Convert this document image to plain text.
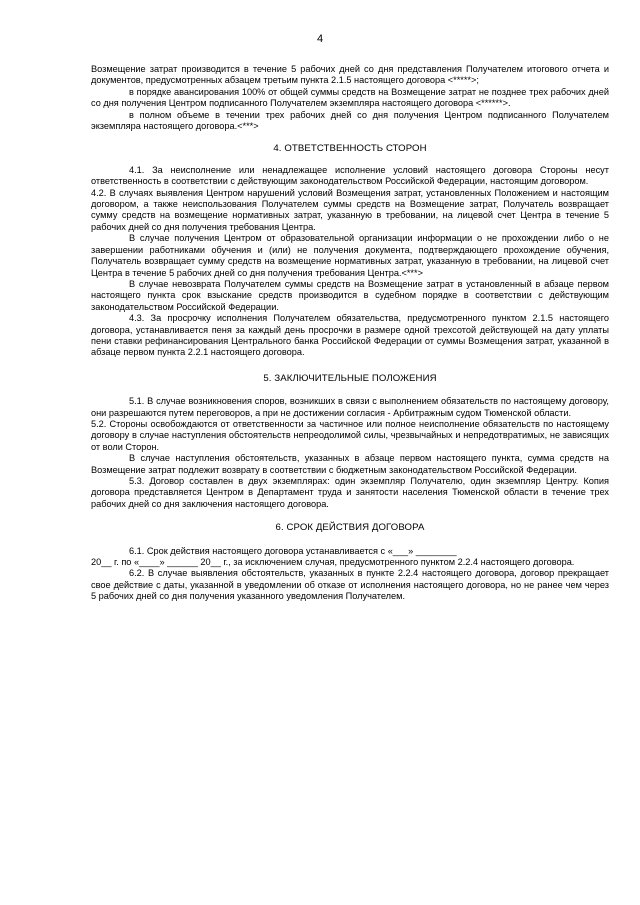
4

Возмещение затрат производится в течение 5 рабочих дней со дня представления Получателем итогового отчета и документов, предусмотренных абзацем третьим пункта 2.1.5 настоящего договора <*****>;

в порядке авансирования 100% от общей суммы средств на Возмещение затрат не позднее трех рабочих дней со дня получения Центром подписанного Получателем экземпляра настоящего договора <******>.

в полном объеме в течении трех рабочих дней со дня получения Центром подписанного Получателем экземпляра настоящего договора.<***>

4. ОТВЕТСТВЕННОСТЬ СТОРОН

4.1. За неисполнение или ненадлежащее исполнение условий настоящего договора Стороны несут ответственность в соответствии с действующим законодательством Российской Федерации, настоящим договором.

4.2. В случаях выявления Центром нарушений условий Возмещения затрат, установленных Положением и настоящим договором, а также неиспользования Получателем суммы средств на Возмещение затрат, Получатель возвращает сумму средств на возмещение нормативных затрат, указанную в требовании, на лицевой счет Центра в течение 5 рабочих дней со дня получения требования Центра.

В случае получения Центром от образовательной организации информации о не прохождении либо о не завершении работниками обучения и (или) не получения документа, подтверждающего прохождение обучения, Получатель возвращает сумму средств на возмещение нормативных затрат, указанную в требовании, на лицевой счет Центра в течение 5 рабочих дней со дня получения требования Центра.<***>

В случае невозврата Получателем суммы средств на Возмещение затрат в установленный в абзаце первом настоящего пункта срок взыскание средств производится в судебном порядке в соответствии с действующим законодательством Российской Федерации.

4.3. За просрочку исполнения Получателем обязательства, предусмотренного пунктом 2.1.5 настоящего договора, устанавливается пеня за каждый день просрочки в размере одной трехсотой действующей на дату уплаты пени ставки рефинансирования Центрального банка Российской Федерации от суммы Возмещения затрат, указанной в абзаце первом пункта 2.2.1 настоящего договора.

5. ЗАКЛЮЧИТЕЛЬНЫЕ ПОЛОЖЕНИЯ

5.1. В случае возникновения споров, возникших в связи с выполнением обязательств по настоящему договору, они разрешаются путем переговоров, а при не достижении согласия - Арбитражным судом Тюменской области.

5.2. Стороны освобождаются от ответственности за частичное или полное неисполнение обязательств по настоящему договору в случае наступления обстоятельств непреодолимой силы, чрезвычайных и непредотвратимых, не зависящих от воли Сторон.

В случае наступления обстоятельств, указанных в абзаце первом настоящего пункта, сумма средств на Возмещение затрат подлежит возврату в соответствии с бюджетным законодательством Российской Федерации.

5.3. Договор составлен в двух экземплярах: один экземпляр Получателю, один экземпляр Центру. Копия договора представляется Центром в Департамент труда и занятости населения Тюменской области в течение трех рабочих дней со дня заключения настоящего договора.

6. СРОК ДЕЙСТВИЯ ДОГОВОРА

6.1. Срок действия настоящего договора устанавливается с «___» ________

20__ г. по «____» ______ 20__ г., за исключением случая, предусмотренного пунктом 2.2.4 настоящего договора.

6.2. В случае выявления обстоятельств, указанных в пункте 2.2.4 настоящего договора, договор прекращает свое действие с даты, указанной в уведомлении об отказе от исполнения настоящего договора, но не ранее чем через 5 рабочих дней со дня получения указанного уведомления Получателем.
